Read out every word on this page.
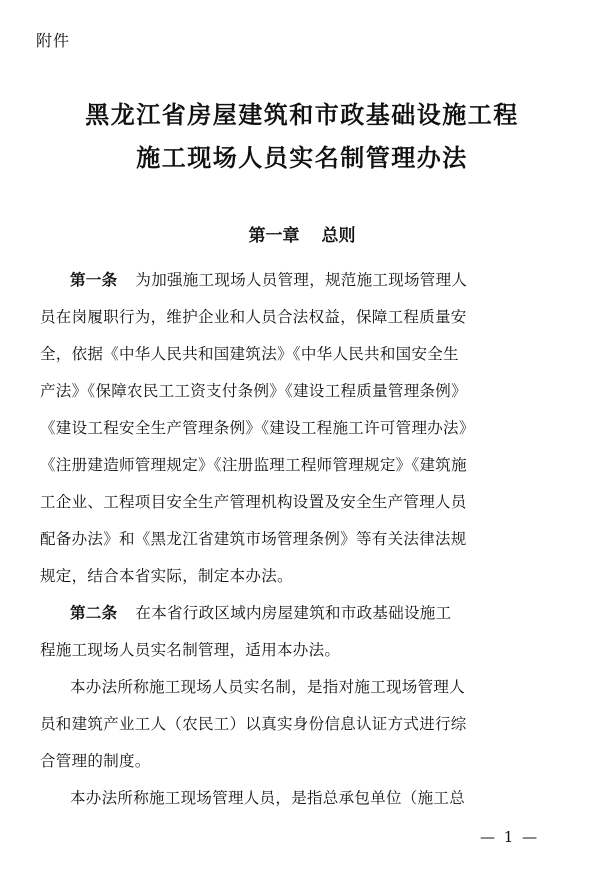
附件
黑龙江省房屋建筑和市政基础设施工程
施工现场人员实名制管理办法
第一章 总则
第一条 为加强施工现场人员管理，规范施工现场管理人
员在岗履职行为，维护企业和人员合法权益，保障工程质量安
全，依据《中华人民共和国建筑法》《中华人民共和国安全生
产法》《保障农民工工资支付条例》《建设工程质量管理条例》
《建设工程安全生产管理条例》《建设工程施工许可管理办法》
《注册建造师管理规定》《注册监理工程师管理规定》《建筑施
工企业、工程项目安全生产管理机构设置及安全生产管理人员
配备办法》和《黑龙江省建筑市场管理条例》等有关法律法规
规定，结合本省实际，制定本办法。
第二条 在本省行政区域内房屋建筑和市政基础设施工
程施工现场人员实名制管理，适用本办法。
本办法所称施工现场人员实名制，是指对施工现场管理人
员和建筑产业工人（农民工）以真实身份信息认证方式进行综
合管理的制度。
本办法所称施工现场管理人员，是指总承包单位（施工总
— 1 —
